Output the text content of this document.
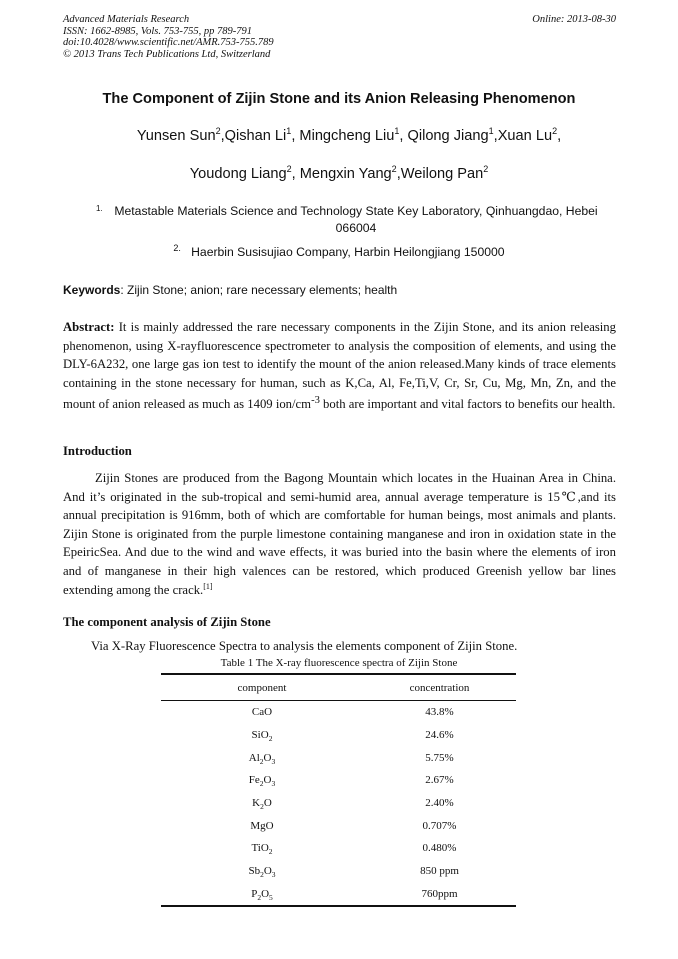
Advanced Materials Research
ISSN: 1662-8985, Vols. 753-755, pp 789-791
doi:10.4028/www.scientific.net/AMR.753-755.789
© 2013 Trans Tech Publications Ltd, Switzerland
Online: 2013-08-30
The Component of Zijin Stone and its Anion Releasing Phenomenon
Yunsen Sun$^2$,Qishan Li$^1$, Mingcheng Liu$^1$, Qilong Jiang$^1$,Xuan Lu$^2$,
Youdong Liang$^2$, Mengxin Yang$^2$,Weilong Pan$^2$
1. Metastable Materials Science and Technology State Key Laboratory, Qinhuangdao, Hebei 066004
$^{2.}$ Haerbin Susisujiao Company, Harbin Heilongjiang 150000
Keywords: Zijin Stone; anion; rare necessary elements; health
Abstract: It is mainly addressed the rare necessary components in the Zijin Stone, and its anion releasing phenomenon, using X-rayfluorescence spectrometer to analysis the composition of elements, and using the DLY-6A232, one large gas ion test to identify the mount of the anion released.Many kinds of trace elements containing in the stone necessary for human, such as K,Ca, Al, Fe,Ti,V, Cr, Sr, Cu, Mg, Mn, Zn, and the mount of anion released as much as 1409 ion/$cm^{-3}$ both are important and vital factors to benefits our health.
Introduction
Zijin Stones are produced from the Bagong Mountain which locates in the Huainan Area in China. And it’s originated in the sub-tropical and semi-humid area, annual average temperature is 15℃,and its annual precipitation is 916mm, both of which are comfortable for human beings, most animals and plants. Zijin Stone is originated from the purple limestone containing manganese and iron in oxidation state in the EpeiricSea. And due to the wind and wave effects, it was buried into the basin where the elements of iron and of manganese in their high valences can be restored, which produced Greenish yellow bar lines extending among the crack.[1]
The component analysis of Zijin Stone
Via X-Ray Fluorescence Spectra to analysis the elements component of Zijin Stone.
Table 1 The X-ray fluorescence spectra of Zijin Stone
component	concentration
CaO	43.8%
SiO$_2$	24.6%
$Al_2O_3$	5.75%
$Fe_2O_3$	2.67%
$K_2O$	2.40%
MgO	0.707%
TiO$_2$	0.480%
$Sb_2O_3$	850 ppm
$P_2O_5$	760ppm
